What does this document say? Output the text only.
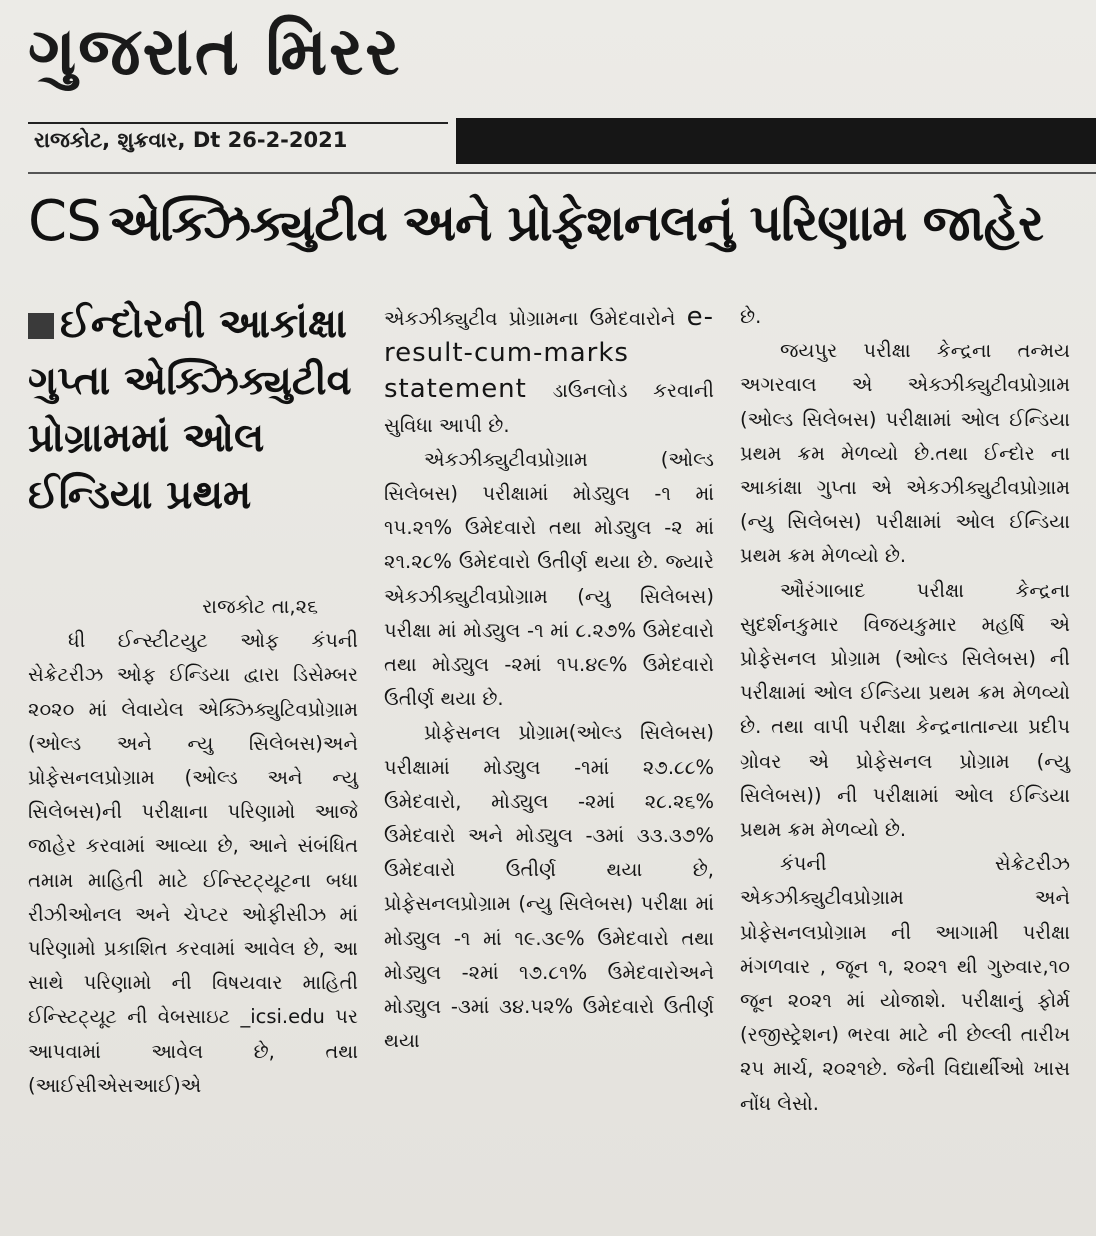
ગુજરાત મિરર
રાજકોટ, શુક્રવાર, Dt 26-2-2021
CS એક્ઝિક્યુટીવ અને પ્રોફેશનલનું પરિણામ જાહેર
ઈન્દોરની આકાંક્ષા ગુપ્તા એક્ઝિક્યુટીવ પ્રોગ્રામમાં ઓલ ઈન્ડિયા પ્રથમ

રાજકોટ તા,૨૬

ધી ઈન્સ્ટીટયુટ ઓફ કંપની સેક્રેટરીઝ ઓફ ઈન્ડિયા દ્વારા ડિસેમ્બર ૨૦૨૦ માં લેવાયેલ એક્ઝિક્યુટિવપ્રોગ્રામ (ઓલ્ડ અને ન્યુ સિલેબસ)અને પ્રોફેસનલપ્રોગ્રામ (ઓલ્ડ અને ન્યુ સિલેબસ)ની પરીક્ષાના પરિણામો આજે જાહેર કરવામાં આવ્યા છે, આને સંબંધિત તમામ માહિતી માટે ઈન્સ્ટિટ્યૂટના બધા રીઝીઓનલ અને ચેપ્ટર ઓફીસીઝ માં પરિણામો પ્રકાશિત કરવામાં આવેલ છે, આ સાથે પરિણામો ની વિષયવાર માહિતી ઈન્સ્ટિટ્યૂટ ની વેબસાઇટ _icsi.edu પર આપવામાં આવેલ છે, તથા (આઈસીએસઆઈ)એ

એકઝીક્યુટીવ પ્રોગ્રામના ઉમેદવારોને e-result-cum-marks statement ડાઉનલોડ કરવાની સુવિધા આપી છે.

એકઝીક્યુટીવપ્રોગ્રામ (ઓલ્ડ સિલેબસ) પરીક્ષામાં મોડ્યુલ -૧ માં ૧૫.૨૧% ઉમેદવારો તથા મોડ્યુલ -૨ માં ૨૧.૨૮% ઉમેદવારો ઉતીર્ણ થયા છે. જ્યારે એકઝીક્યુટીવપ્રોગ્રામ (ન્યુ સિલેબસ) પરીક્ષા માં મોડ્યુલ -૧ માં ૮.૨૭% ઉમેદવારો તથા મોડ્યુલ -૨માં ૧૫.૪૯% ઉમેદવારો ઉતીર્ણ થયા છે.

પ્રોફેસનલ પ્રોગ્રામ(ઓલ્ડ સિલેબસ) પરીક્ષામાં મોડ્યુલ -૧માં ૨૭.૮૮% ઉમેદવારો, મોડ્યુલ -૨માં ૨૮.૨૬% ઉમેદવારો અને મોડ્યુલ -૩માં ૩૩.૩૭% ઉમેદવારો ઉતીર્ણ થયા છે, પ્રોફેસનલપ્રોગ્રામ (ન્યુ સિલેબસ) પરીક્ષા માં મોડ્યુલ -૧ માં ૧૯.૩૯% ઉમેદવારો તથા મોડ્યુલ -૨માં ૧૭.૮૧% ઉમેદવારોઅને મોડ્યુલ -૩માં ૩૪.૫૨% ઉમેદવારો ઉતીર્ણ થયા

છે.

જયપુર પરીક્ષા કેન્દ્રના તન્મય અગરવાલ એ એક્ઝીક્યુટીવપ્રોગ્રામ (ઓલ્ડ સિલેબસ) પરીક્ષામાં ઓલ ઈન્ડિયા પ્રથમ ક્રમ મેળવ્યો છે.તથા ઈન્દોર ના આકાંક્ષા ગુપ્તા એ એકઝીક્યુટીવપ્રોગ્રામ (ન્યુ સિલેબસ) પરીક્ષામાં ઓલ ઈન્ડિયા પ્રથમ ક્રમ મેળવ્યો છે.

ઔરંગાબાદ પરીક્ષા કેન્દ્રના સુદર્શનકુમાર વિજયકુમાર મહર્ષિ એ પ્રોફેસનલ પ્રોગ્રામ (ઓલ્ડ સિલેબસ) ની પરીક્ષામાં ઓલ ઈન્ડિયા પ્રથમ ક્રમ મેળવ્યો છે. તથા વાપી પરીક્ષા કેન્દ્રનાતાન્યા પ્રદીપ ગ્રોવર એ પ્રોફેસનલ પ્રોગ્રામ (ન્યુ સિલેબસ)) ની પરીક્ષામાં ઓલ ઈન્ડિયા પ્રથમ ક્રમ મેળવ્યો છે.

કંપની સેક્રેટરીઝ એકઝીક્યુટીવપ્રોગ્રામ અને પ્રોફેસનલપ્રોગ્રામ ની આગામી પરીક્ષા મંગળવાર , જૂન ૧, ૨૦૨૧ થી ગુરુવાર,૧૦ જૂન ૨૦૨૧ માં યોજાશે. પરીક્ષાનું ફોર્મ (રજીસ્ટ્રેશન) ભરવા માટે ની છેલ્લી તારીખ ૨૫ માર્ચ, ૨૦૨૧છે. જેની વિદ્યાર્થીઓ ખાસ નોંધ લેસો.
